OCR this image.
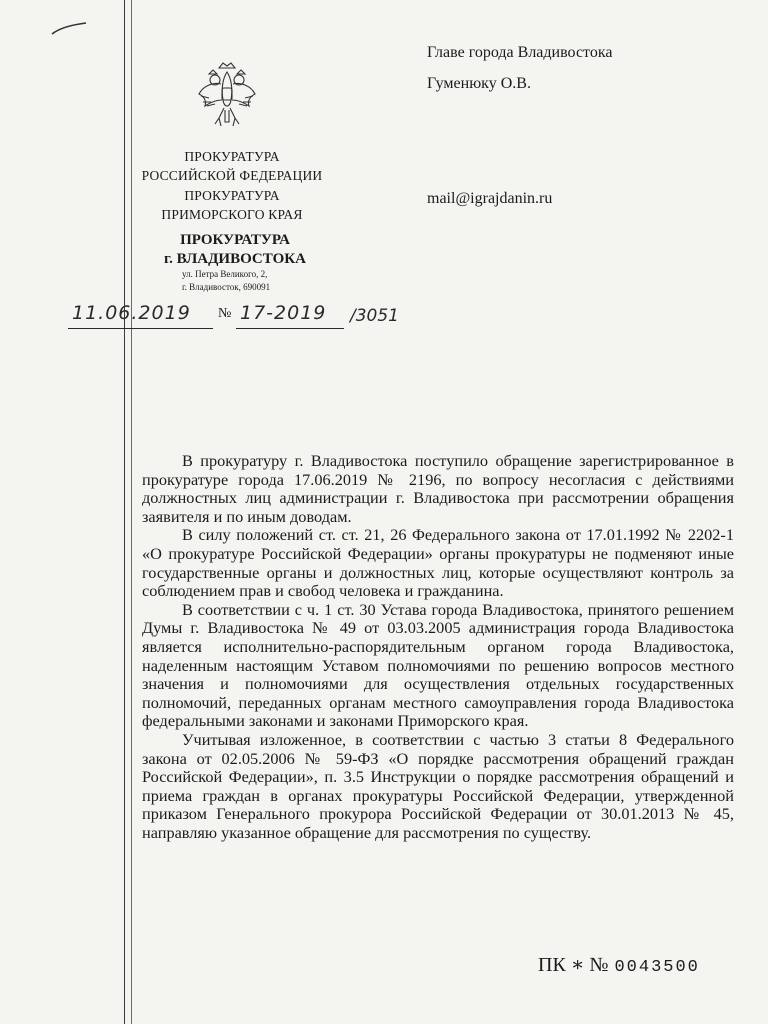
ПРОКУРАТУРА
РОССИЙСКОЙ ФЕДЕРАЦИИ
ПРОКУРАТУРА
ПРИМОРСКОГО КРАЯ
ПРОКУРАТУРА
г. ВЛАДИВОСТОКА
ул. Петра Великого, 2,
г. Владивосток, 690091
11.06.2019 № 17-2019 /3051
Главе города Владивостока
Гуменюку О.В.
mail@igrajdanin.ru

В прокуратуру г. Владивостока поступило обращение зарегистрированное в прокуратуре города 17.06.2019 № 2196, по вопросу несогласия с действиями должностных лиц администрации г. Владивостока при рассмотрении обращения заявителя и по иным доводам.

В силу положений ст. ст. 21, 26 Федерального закона от 17.01.1992 № 2202-1 «О прокуратуре Российской Федерации» органы прокуратуры не подменяют иные государственные органы и должностных лиц, которые осуществляют контроль за соблюдением прав и свобод человека и гражданина.

В соответствии с ч. 1 ст. 30 Устава города Владивостока, принятого решением Думы г. Владивостока № 49 от 03.03.2005 администрация города Владивостока является исполнительно-распорядительным органом города Владивостока, наделенным настоящим Уставом полномочиями по решению вопросов местного значения и полномочиями для осуществления отдельных государственных полномочий, переданных органам местного самоуправления города Владивостока федеральными законами и законами Приморского края.

Учитывая изложенное, в соответствии с частью 3 статьи 8 Федерального закона от 02.05.2006 № 59-ФЗ «О порядке рассмотрения обращений граждан Российской Федерации», п. 3.5 Инструкции о порядке рассмотрения обращений и приема граждан в органах прокуратуры Российской Федерации, утвержденной приказом Генерального прокурора Российской Федерации от 30.01.2013 № 45, направляю указанное обращение для рассмотрения по существу.

ПК ∗ № 0043500
